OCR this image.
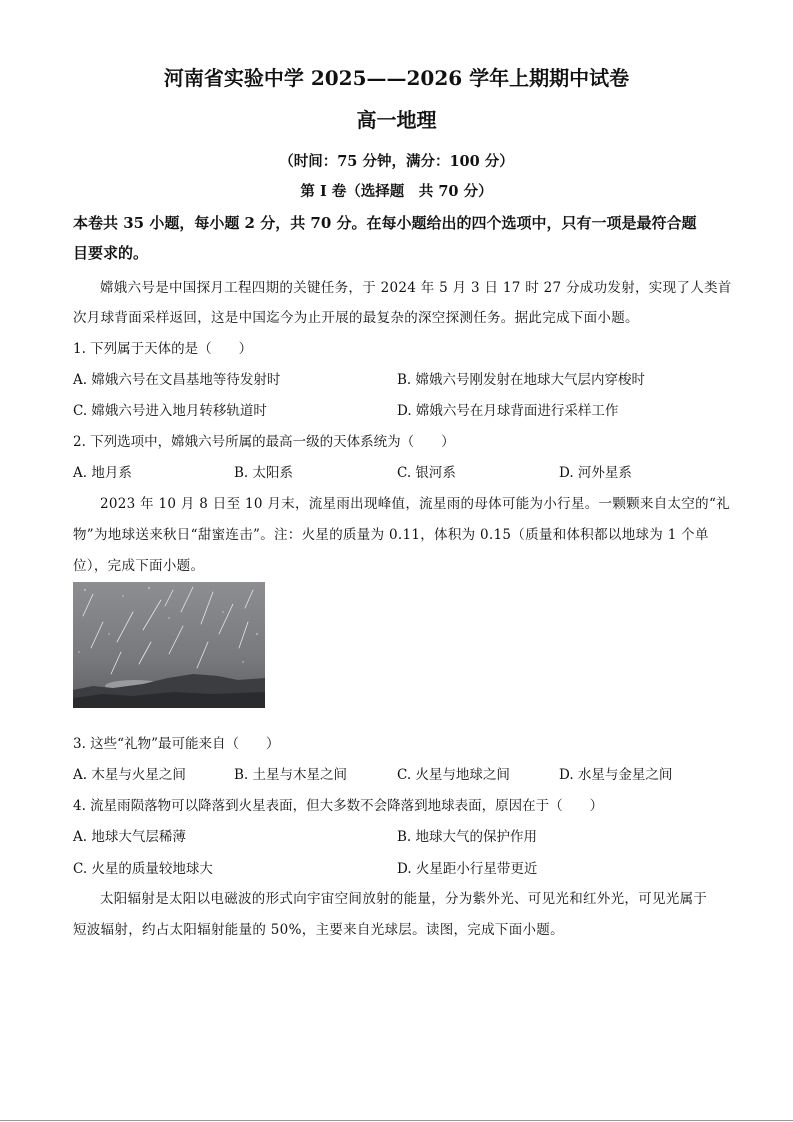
河南省实验中学 2025——2026 学年上期期中试卷
高一地理
（时间：75 分钟，满分：100 分）
第 I 卷（选择题　共 70 分）
本卷共 35 小题，每小题 2 分，共 70 分。在每小题给出的四个选项中，只有一项是最符合题
目要求的。
嫦娥六号是中国探月工程四期的关键任务，于 2024 年 5 月 3 日 17 时 27 分成功发射，实现了人类首
次月球背面采样返回，这是中国迄今为止开展的最复杂的深空探测任务。据此完成下面小题。
1. 下列属于天体的是（　　）
A. 嫦娥六号在文昌基地等待发射时	B. 嫦娥六号刚发射在地球大气层内穿梭时
C. 嫦娥六号进入地月转移轨道时	D. 嫦娥六号在月球背面进行采样工作
2. 下列选项中，嫦娥六号所属的最高一级的天体系统为（　　）
A. 地月系	B. 太阳系	C. 银河系	D. 河外星系
2023 年 10 月 8 日至 10 月末，流星雨出现峰值，流星雨的母体可能为小行星。一颗颗来自太空的“礼
物”为地球送来秋日“甜蜜连击”。注：火星的质量为 0.11，体积为 0.15（质量和体积都以地球为 1 个单
位），完成下面小题。
3. 这些“礼物”最可能来自（　　）
A. 木星与火星之间	B. 土星与木星之间	C. 火星与地球之间	D. 水星与金星之间
4. 流星雨陨落物可以降落到火星表面，但大多数不会降落到地球表面，原因在于（　　）
A. 地球大气层稀薄	B. 地球大气的保护作用
C. 火星的质量较地球大	D. 火星距小行星带更近
太阳辐射是太阳以电磁波的形式向宇宙空间放射的能量，分为紫外光、可见光和红外光，可见光属于
短波辐射，约占太阳辐射能量的 50%，主要来自光球层。读图，完成下面小题。
